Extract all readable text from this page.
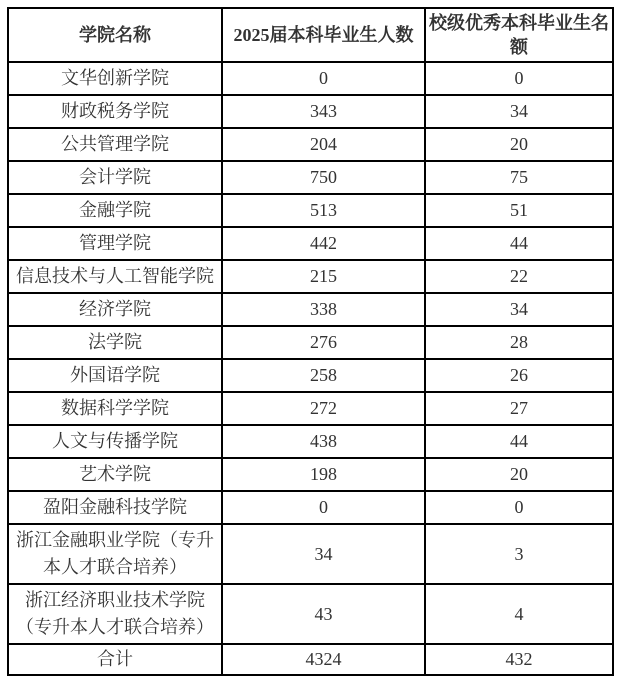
学院名称	2025届本科毕业生人数	校级优秀本科毕业生名额
文华创新学院	0	0
财政税务学院	343	34
公共管理学院	204	20
会计学院	750	75
金融学院	513	51
管理学院	442	44
信息技术与人工智能学院	215	22
经济学院	338	34
法学院	276	28
外国语学院	258	26
数据科学学院	272	27
人文与传播学院	438	44
艺术学院	198	20
盈阳金融科技学院	0	0
浙江金融职业学院（专升本人才联合培养）	34	3
浙江经济职业技术学院（专升本人才联合培养）	43	4
合计	4324	432
